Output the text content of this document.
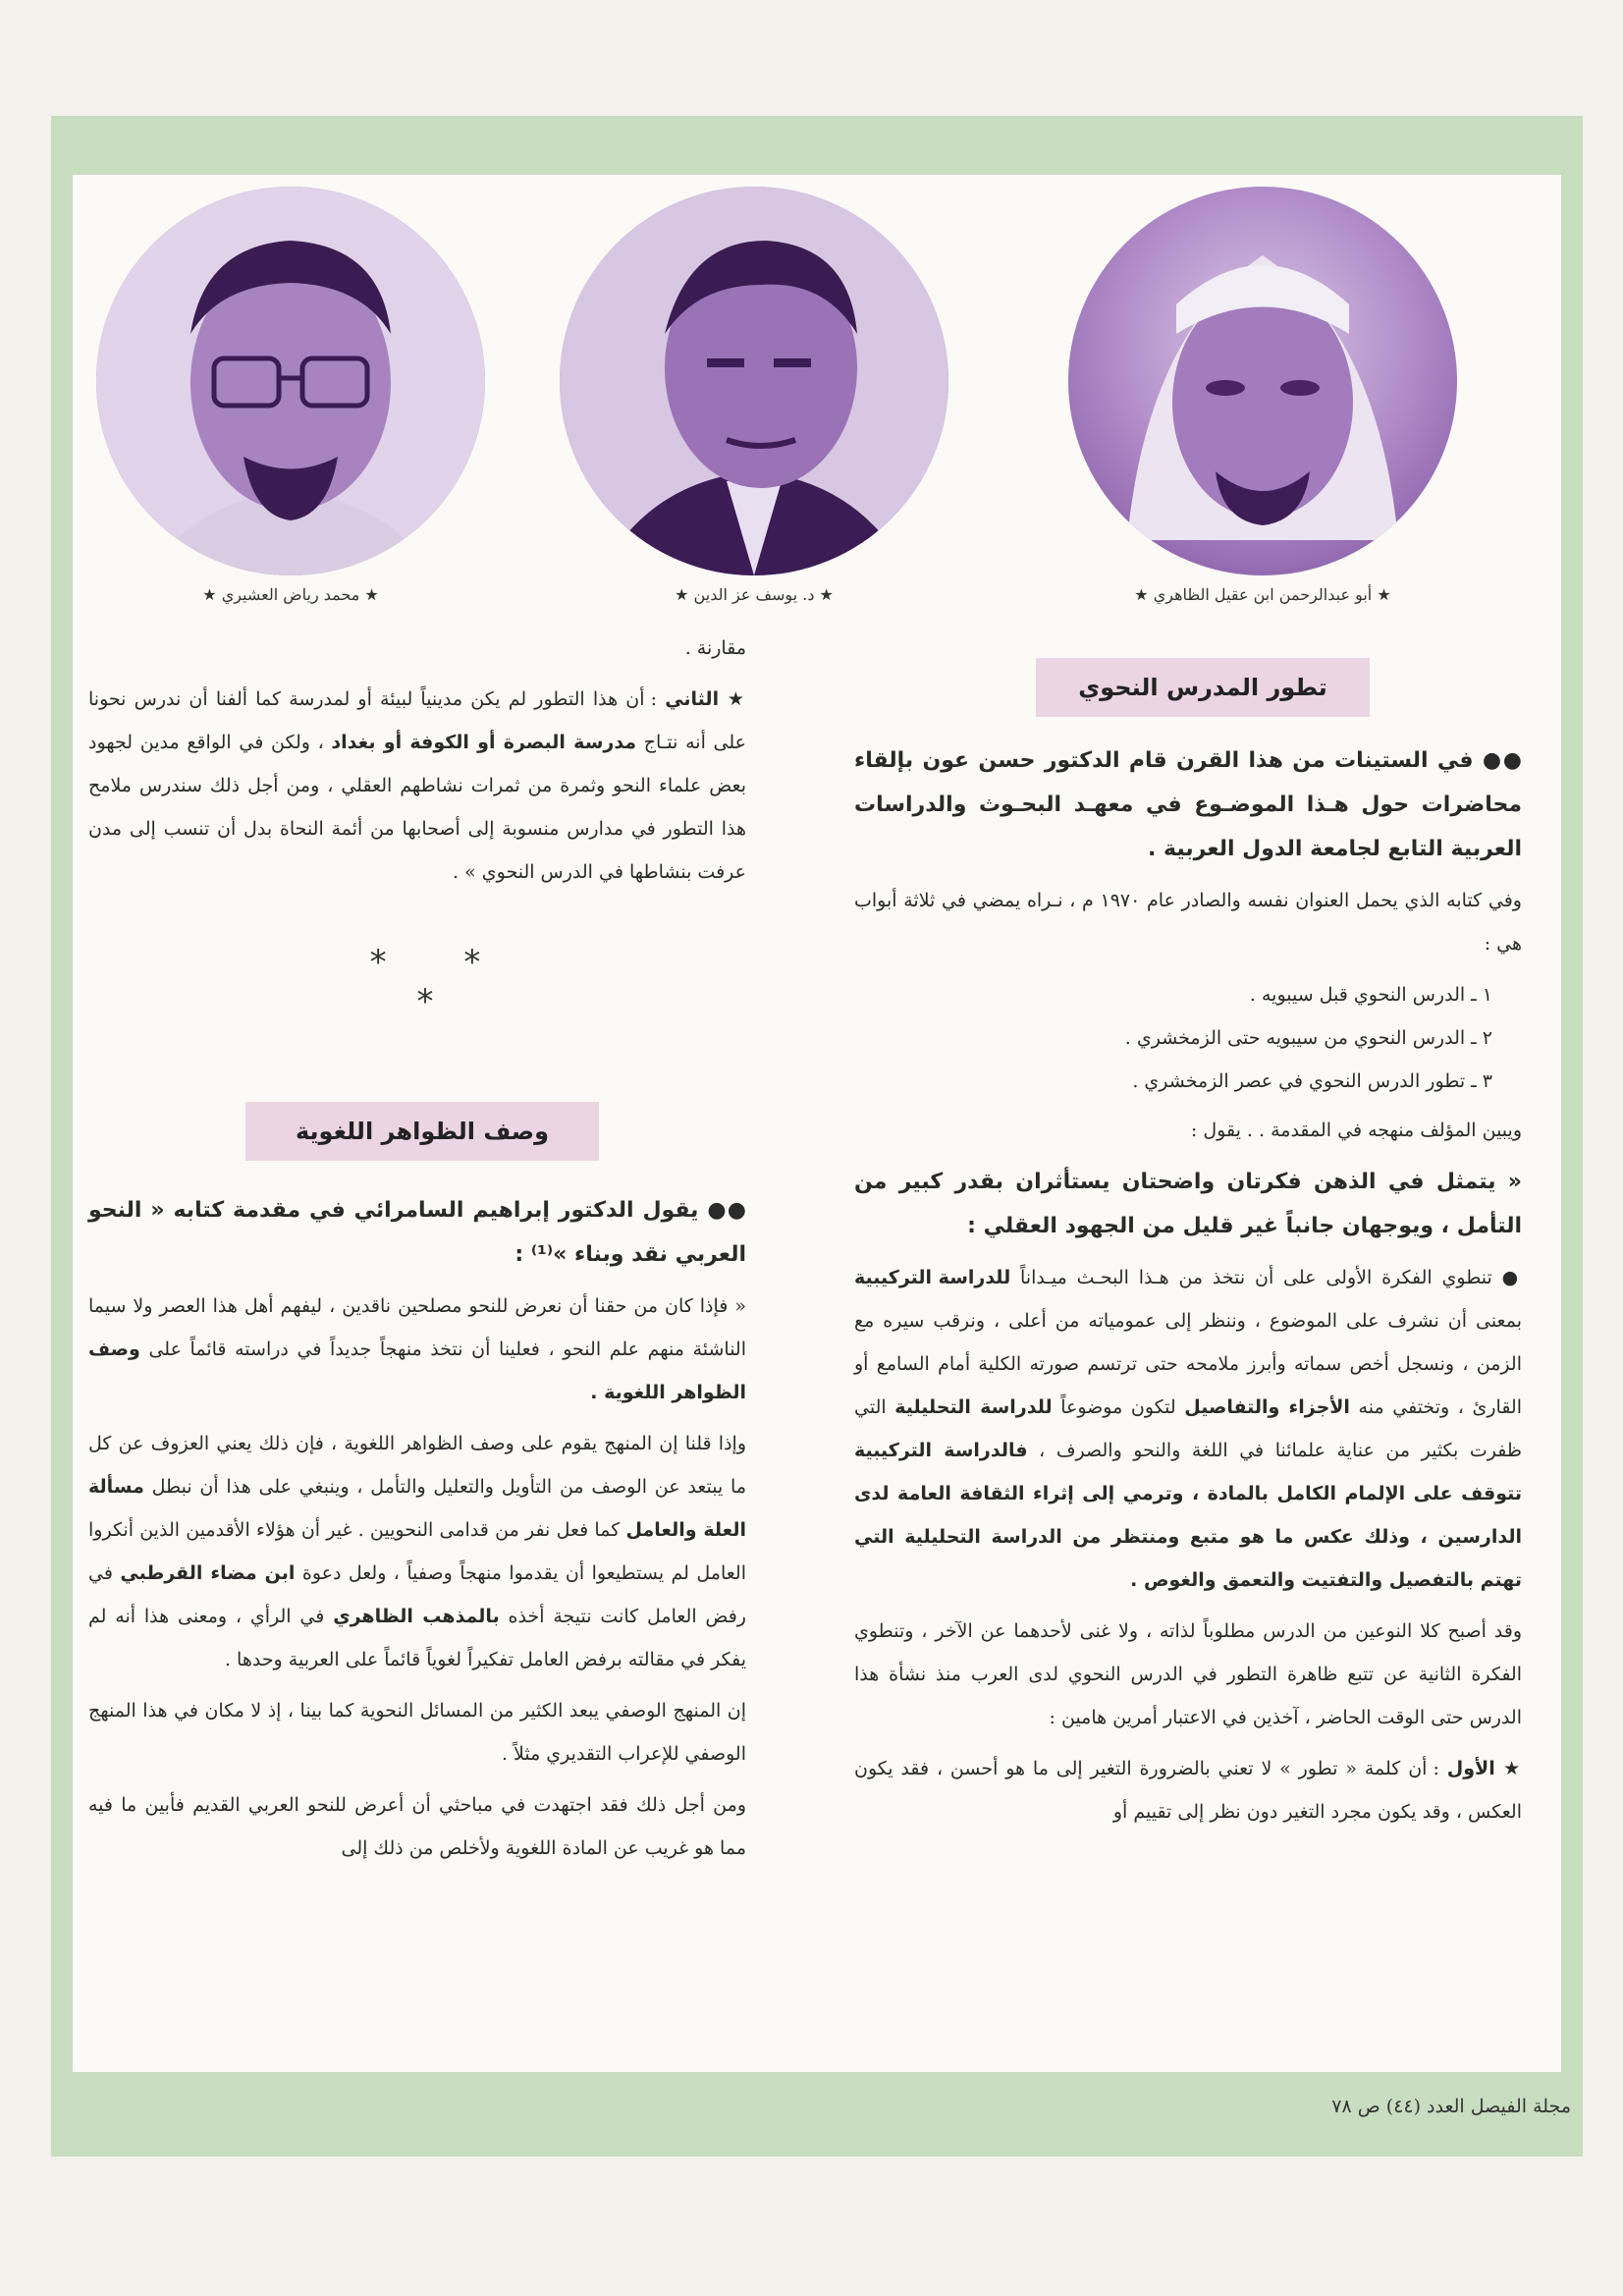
★ أبو عبدالرحمن ابن عقيل الظاهري ★
★ د. يوسف عز الدين ★
★ محمد رياض العشيري ★
تطور المدرس النحوي

●● في الستينات من هذا القرن قام الدكتور حسن عون بإلقاء محاضرات حول هـذا الموضـوع في معهـد البحـوث والدراسات العربية التابع لجامعة الدول العربية .

وفي كتابه الذي يحمل العنوان نفسه والصادر عام ١٩٧٠ م ، نـراه يمضي في ثلاثة أبواب هي :

١ ـ الدرس النحوي قبل سيبويه .
٢ ـ الدرس النحوي من سيبويه حتى الزمخشري .
٣ ـ تطور الدرس النحوي في عصر الزمخشري .

ويبين المؤلف منهجه في المقدمة . . يقول :

« يتمثل في الذهن فكرتان واضحتان يستأثران بقدر كبير من التأمل ، ويوجهان جانباً غير قليل من الجهود العقلي :

● تنطوي الفكرة الأولى على أن نتخذ من هـذا البحـث ميـداناً للدراسة التركيبية بمعنى أن نشرف على الموضوع ، وننظر إلى عمومياته من أعلى ، ونرقب سيره مع الزمن ، ونسجل أخص سماته وأبرز ملامحه حتى ترتسم صورته الكلية أمام السامع أو القارئ ، وتختفي منه الأجزاء والتفاصيل لتكون موضوعاً للدراسة التحليلية التي ظفرت بكثير من عناية علمائنا في اللغة والنحو والصرف ، فالدراسة التركيبية تتوقف على الإلمام الكامل بالمادة ، وترمي إلى إثراء الثقافة العامة لدى الدارسين ، وذلك عكس ما هو متبع ومنتظر من الدراسة التحليلية التي تهتم بالتفصيل والتفتيت والتعمق والغوص .

وقد أصبح كلا النوعين من الدرس مطلوباً لذاته ، ولا غنى لأحدهما عن الآخر ، وتنطوي الفكرة الثانية عن تتبع ظاهرة التطور في الدرس النحوي لدى العرب منذ نشأة هذا الدرس حتى الوقت الحاضر ، آخذين في الاعتبار أمرين هامين :

★ الأول : أن كلمة « تطور » لا تعني بالضرورة التغير إلى ما هو أحسن ، فقد يكون العكس ، وقد يكون مجرد التغير دون نظر إلى تقييم أو

مقارنة .

★ الثاني : أن هذا التطور لم يكن مدينياً لبيئة أو لمدرسة كما ألفنا أن ندرس نحونا على أنه نتـاج مدرسة البصرة أو الكوفة أو بغداد ، ولكن في الواقع مدين لجهود بعض علماء النحو وثمرة من ثمرات نشاطهم العقلي ، ومن أجل ذلك سندرس ملامح هذا التطور في مدارس منسوبة إلى أصحابها من أئمة النحاة بدل أن تنسب إلى مدن عرفت بنشاطها في الدرس النحوي » .

* * *
وصف الظواهر اللغوية

●● يقول الدكتور إبراهيم السامرائي في مقدمة كتابه « النحو العربي نقد وبناء »⁽¹⁾ :

« فإذا كان من حقنا أن نعرض للنحو مصلحين ناقدين ، ليفهم أهل هذا العصر ولا سيما الناشئة منهم علم النحو ، فعلينا أن نتخذ منهجاً جديداً في دراسته قائماً على وصف الظواهر اللغوية .

وإذا قلنا إن المنهج يقوم على وصف الظواهر اللغوية ، فإن ذلك يعني العزوف عن كل ما يبتعد عن الوصف من التأويل والتعليل والتأمل ، وينبغي على هذا أن نبطل مسألة العلة والعامل كما فعل نفر من قدامى النحويين . غير أن هؤلاء الأقدمين الذين أنكروا العامل لم يستطيعوا أن يقدموا منهجاً وصفياً ، ولعل دعوة ابن مضاء القرطبي في رفض العامل كانت نتيجة أخذه بالمذهب الظاهري في الرأي ، ومعنى هذا أنه لم يفكر في مقالته برفض العامل تفكيراً لغوياً قائماً على العربية وحدها .

إن المنهج الوصفي يبعد الكثير من المسائل النحوية كما بينا ، إذ لا مكان في هذا المنهج الوصفي للإعراب التقديري مثلاً .

ومن أجل ذلك فقد اجتهدت في مباحثي أن أعرض للنحو العربي القديم فأبين ما فيه مما هو غريب عن المادة اللغوية ولأخلص من ذلك إلى

مجلة الفيصل العدد (٤٤) ص ٧٨
